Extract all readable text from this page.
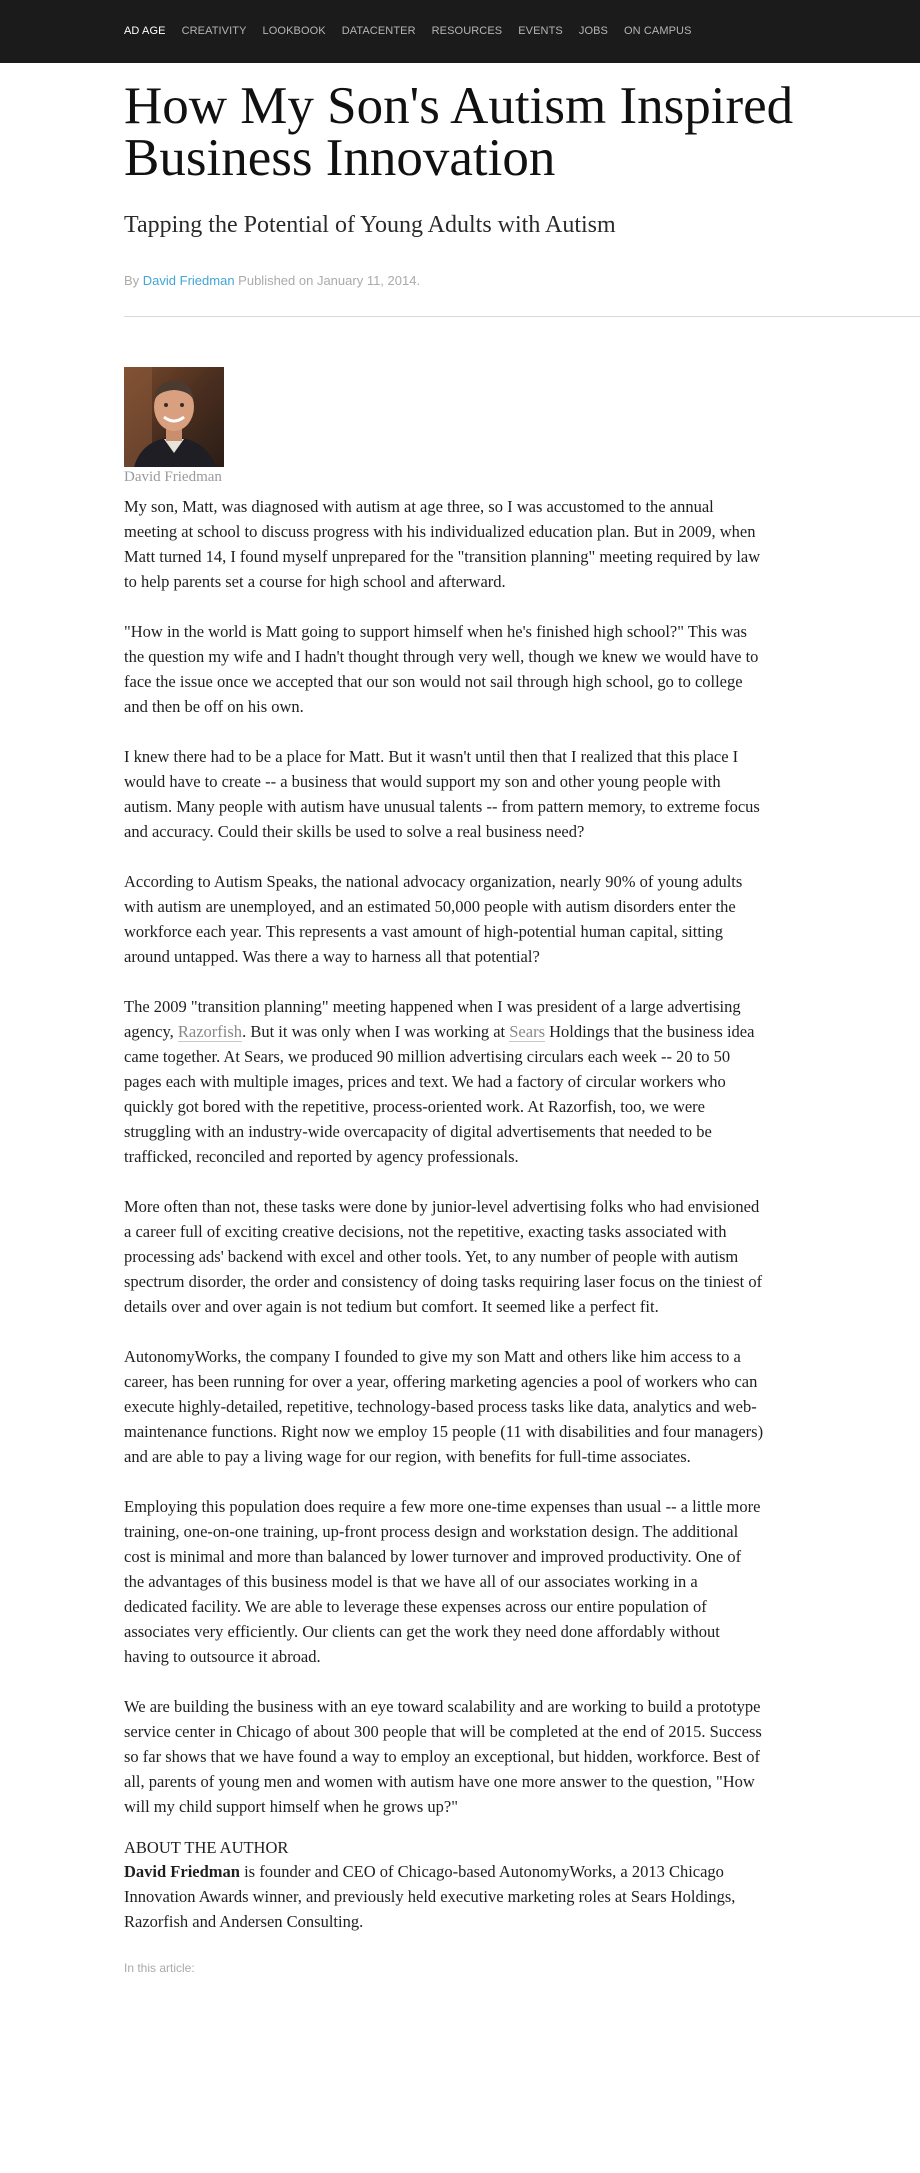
AD AGE CREATIVITY LOOKBOOK DATACENTER RESOURCES EVENTS JOBS ON CAMPUS
How My Son's Autism Inspired Business Innovation
Tapping the Potential of Young Adults with Autism
By David Friedman Published on January 11, 2014.
David Friedman

My son, Matt, was diagnosed with autism at age three, so I was accustomed to the annual meeting at school to discuss progress with his individualized education plan. But in 2009, when Matt turned 14, I found myself unprepared for the "transition planning" meeting required by law to help parents set a course for high school and afterward.

"How in the world is Matt going to support himself when he's finished high school?" This was the question my wife and I hadn't thought through very well, though we knew we would have to face the issue once we accepted that our son would not sail through high school, go to college and then be off on his own.

I knew there had to be a place for Matt. But it wasn't until then that I realized that this place I would have to create -- a business that would support my son and other young people with autism. Many people with autism have unusual talents -- from pattern memory, to extreme focus and accuracy. Could their skills be used to solve a real business need?

According to Autism Speaks, the national advocacy organization, nearly 90% of young adults with autism are unemployed, and an estimated 50,000 people with autism disorders enter the workforce each year. This represents a vast amount of high-potential human capital, sitting around untapped. Was there a way to harness all that potential?

The 2009 "transition planning" meeting happened when I was president of a large advertising agency, Razorfish. But it was only when I was working at Sears Holdings that the business idea came together. At Sears, we produced 90 million advertising circulars each week -- 20 to 50 pages each with multiple images, prices and text. We had a factory of circular workers who quickly got bored with the repetitive, process-oriented work. At Razorfish, too, we were struggling with an industry-wide overcapacity of digital advertisements that needed to be trafficked, reconciled and reported by agency professionals.

More often than not, these tasks were done by junior-level advertising folks who had envisioned a career full of exciting creative decisions, not the repetitive, exacting tasks associated with processing ads' backend with excel and other tools. Yet, to any number of people with autism spectrum disorder, the order and consistency of doing tasks requiring laser focus on the tiniest of details over and over again is not tedium but comfort. It seemed like a perfect fit.

AutonomyWorks, the company I founded to give my son Matt and others like him access to a career, has been running for over a year, offering marketing agencies a pool of workers who can execute highly-detailed, repetitive, technology-based process tasks like data, analytics and web-maintenance functions. Right now we employ 15 people (11 with disabilities and four managers) and are able to pay a living wage for our region, with benefits for full-time associates.

Employing this population does require a few more one-time expenses than usual -- a little more training, one-on-one training, up-front process design and workstation design. The additional cost is minimal and more than balanced by lower turnover and improved productivity. One of the advantages of this business model is that we have all of our associates working in a dedicated facility. We are able to leverage these expenses across our entire population of associates very efficiently. Our clients can get the work they need done affordably without having to outsource it abroad.

We are building the business with an eye toward scalability and are working to build a prototype service center in Chicago of about 300 people that will be completed at the end of 2015. Success so far shows that we have found a way to employ an exceptional, but hidden, workforce. Best of all, parents of young men and women with autism have one more answer to the question, "How will my child support himself when he grows up?"

ABOUT THE AUTHOR

David Friedman is founder and CEO of Chicago-based AutonomyWorks, a 2013 Chicago Innovation Awards winner, and previously held executive marketing roles at Sears Holdings, Razorfish and Andersen Consulting.

In this article:
